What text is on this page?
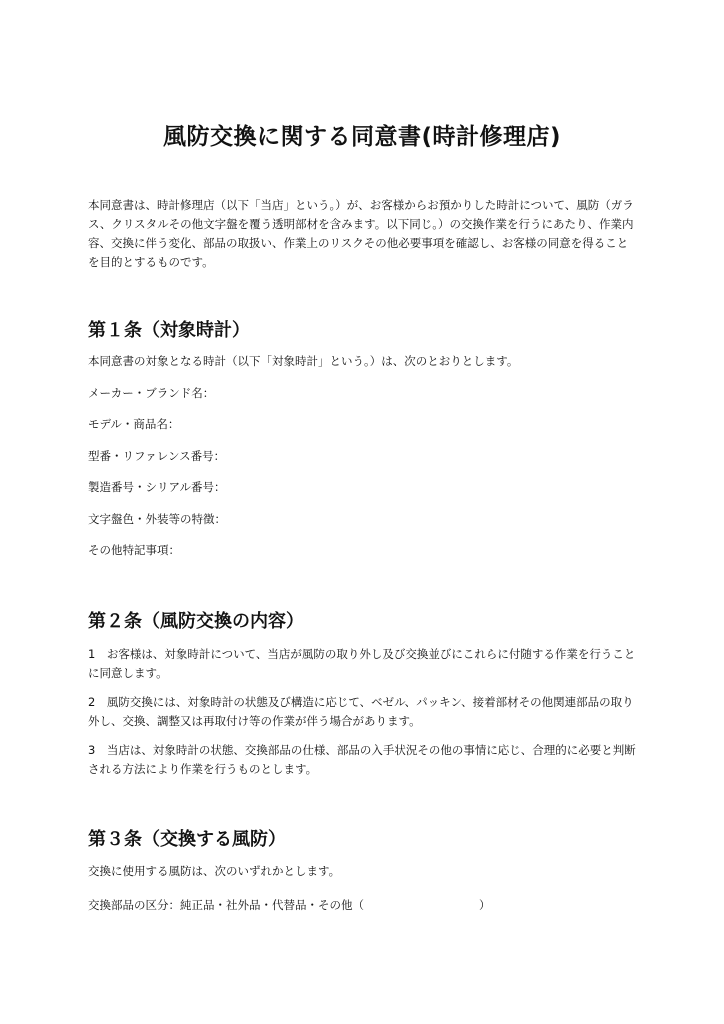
風防交換に関する同意書(時計修理店)
本同意書は、時計修理店（以下「当店」という。）が、お客様からお預かりした時計について、風防（ガラス、クリスタルその他文字盤を覆う透明部材を含みます。以下同じ。）の交換作業を行うにあたり、作業内容、交換に伴う変化、部品の取扱い、作業上のリスクその他必要事項を確認し、お客様の同意を得ることを目的とするものです。
第１条（対象時計）
本同意書の対象となる時計（以下「対象時計」という。）は、次のとおりとします。
メーカー・ブランド名：
モデル・商品名：
型番・リファレンス番号：
製造番号・シリアル番号：
文字盤色・外装等の特徴：
その他特記事項：
第２条（風防交換の内容）
1　お客様は、対象時計について、当店が風防の取り外し及び交換並びにこれらに付随する作業を行うことに同意します。
2　風防交換には、対象時計の状態及び構造に応じて、ベゼル、パッキン、接着部材その他関連部品の取り外し、交換、調整又は再取付け等の作業が伴う場合があります。
3　当店は、対象時計の状態、交換部品の仕様、部品の入手状況その他の事情に応じ、合理的に必要と判断される方法により作業を行うものとします。
第３条（交換する風防）
交換に使用する風防は、次のいずれかとします。
交換部品の区分：純正品・社外品・代替品・その他（　　　　　　　　　　）
